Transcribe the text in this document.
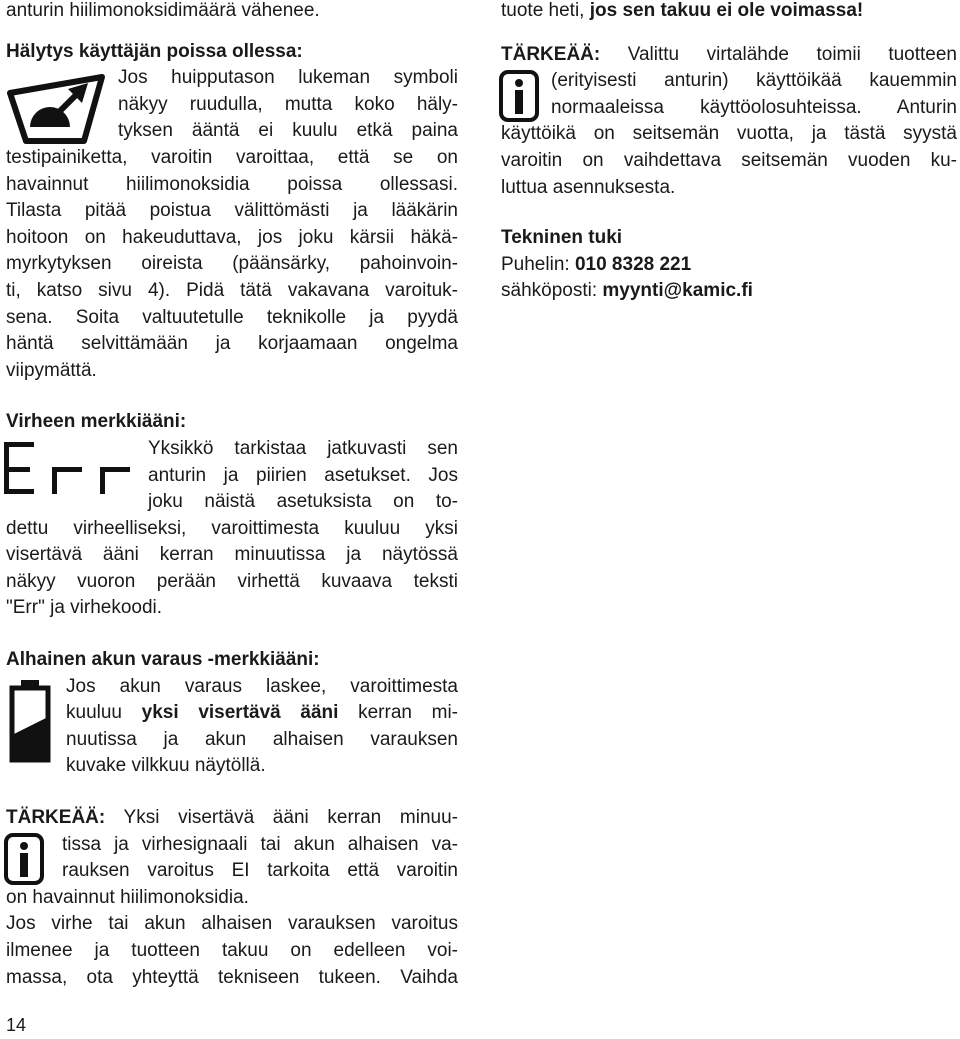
anturin hiilimonoksidimäärä vähenee.

Hälytys käyttäjän poissa ollessa:

Jos huipputason lukeman symboli

näkyy ruudulla, mutta koko häly-

tyksen ääntä ei kuulu etkä paina

testipainiketta, varoitin varoittaa, että se on

havainnut hiilimonoksidia poissa ollessasi.

Tilasta pitää poistua välittömästi ja lääkärin

hoitoon on hakeuduttava, jos joku kärsii häkä-

myrkytyksen oireista (päänsärky, pahoinvoin-

ti, katso sivu 4). Pidä tätä vakavana varoituk-

sena. Soita valtuutetulle teknikolle ja pyydä

häntä selvittämään ja korjaamaan ongelma

viipymättä.

Virheen merkkiääni:

Yksikkö tarkistaa jatkuvasti sen

anturin ja piirien asetukset. Jos

joku näistä asetuksista on to-

dettu virheelliseksi, varoittimesta kuuluu yksi

visertävä ääni kerran minuutissa ja näytössä

näkyy vuoron perään virhettä kuvaava teksti

"Err" ja virhekoodi.

Alhainen akun varaus -merkkiääni:

Jos akun varaus laskee, varoittimesta

kuuluu yksi visertävä ääni kerran mi-

nuutissa ja akun alhaisen varauksen

kuvake vilkkuu näytöllä.

TÄRKEÄÄ: Yksi visertävä ääni kerran minuu-

tissa ja virhesignaali tai akun alhaisen va-

rauksen varoitus EI tarkoita että varoitin

on havainnut hiilimonoksidia.

Jos virhe tai akun alhaisen varauksen varoitus

ilmenee ja tuotteen takuu on edelleen voi-

massa, ota yhteyttä tekniseen tukeen. Vaihda

14

tuote heti, jos sen takuu ei ole voimassa!

TÄRKEÄÄ: Valittu virtalähde toimii tuotteen

(erityisesti anturin) käyttöikää kauemmin

normaaleissa käyttöolosuhteissa. Anturin

käyttöikä on seitsemän vuotta, ja tästä syystä

varoitin on vaihdettava seitsemän vuoden ku-

luttua asennuksesta.

Tekninen tuki

Puhelin: 010 8328 221

sähköposti: myynti@kamic.fi
